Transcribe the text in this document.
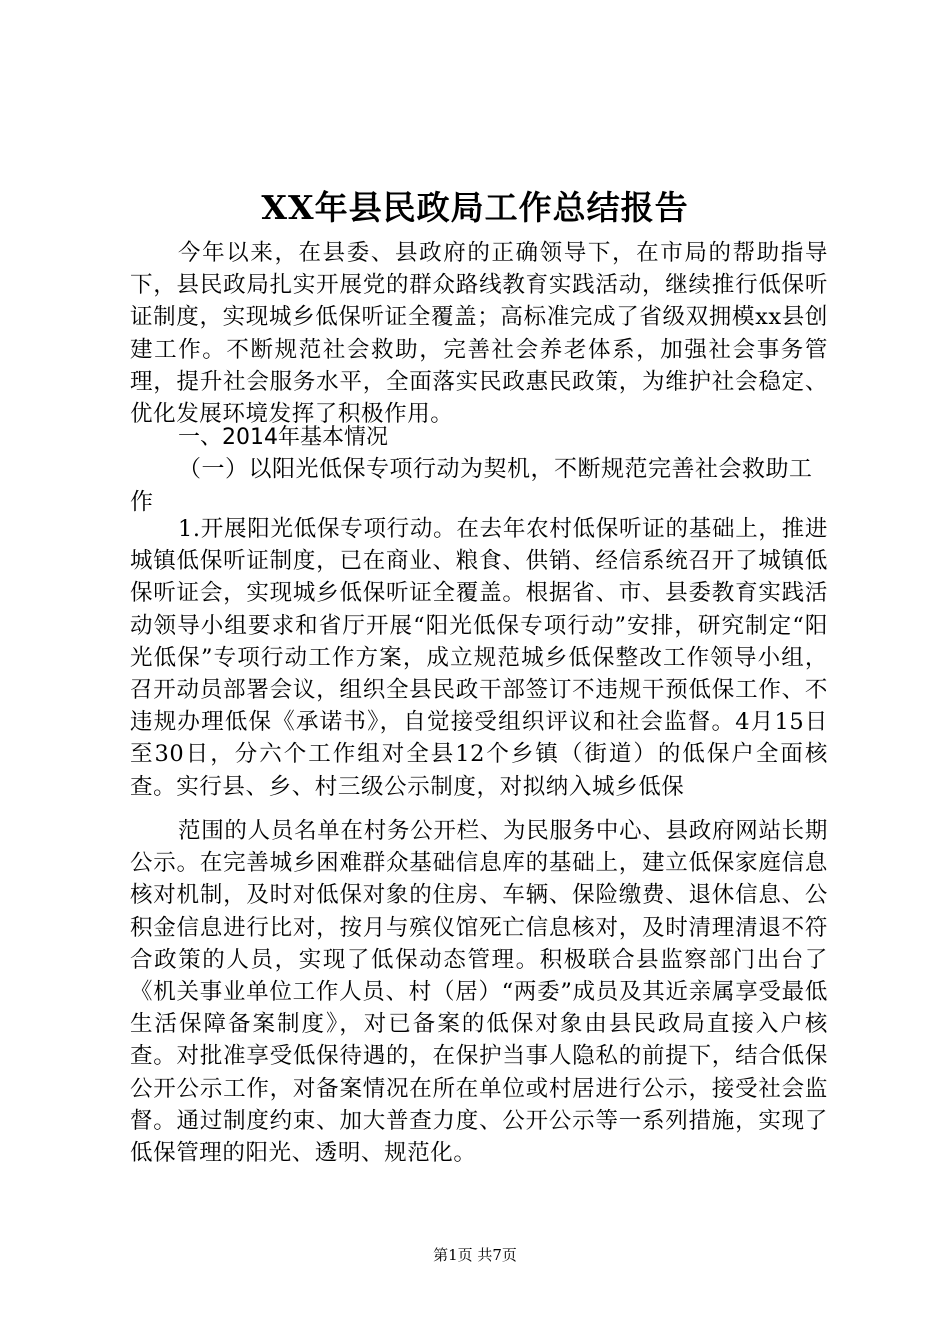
XX年县民政局工作总结报告
今年以来，在县委、县政府的正确领导下，在市局的帮助指导下，县民政局扎实开展党的群众路线教育实践活动，继续推行低保听证制度，实现城乡低保听证全覆盖；高标准完成了省级双拥模xx县创建工作。不断规范社会救助，完善社会养老体系，加强社会事务管理，提升社会服务水平，全面落实民政惠民政策，为维护社会稳定、优化发展环境发挥了积极作用。
一、2014年基本情况
（一）以阳光低保专项行动为契机，不断规范完善社会救助工作
1.开展阳光低保专项行动。在去年农村低保听证的基础上，推进城镇低保听证制度，已在商业、粮食、供销、经信系统召开了城镇低保听证会，实现城乡低保听证全覆盖。根据省、市、县委教育实践活动领导小组要求和省厅开展“阳光低保专项行动”安排，研究制定“阳光低保”专项行动工作方案，成立规范城乡低保整改工作领导小组，召开动员部署会议，组织全县民政干部签订不违规干预低保工作、不违规办理低保《承诺书》，自觉接受组织评议和社会监督。4月15日至30日，分六个工作组对全县12个乡镇（街道）的低保户全面核查。实行县、乡、村三级公示制度，对拟纳入城乡低保
范围的人员名单在村务公开栏、为民服务中心、县政府网站长期公示。在完善城乡困难群众基础信息库的基础上，建立低保家庭信息核对机制，及时对低保对象的住房、车辆、保险缴费、退休信息、公积金信息进行比对，按月与殡仪馆死亡信息核对，及时清理清退不符合政策的人员，实现了低保动态管理。积极联合县监察部门出台了《机关事业单位工作人员、村（居）“两委”成员及其近亲属享受最低生活保障备案制度》，对已备案的低保对象由县民政局直接入户核查。对批准享受低保待遇的，在保护当事人隐私的前提下，结合低保公开公示工作，对备案情况在所在单位或村居进行公示，接受社会监督。通过制度约束、加大普查力度、公开公示等一系列措施，实现了低保管理的阳光、透明、规范化。
第1页 共7页
